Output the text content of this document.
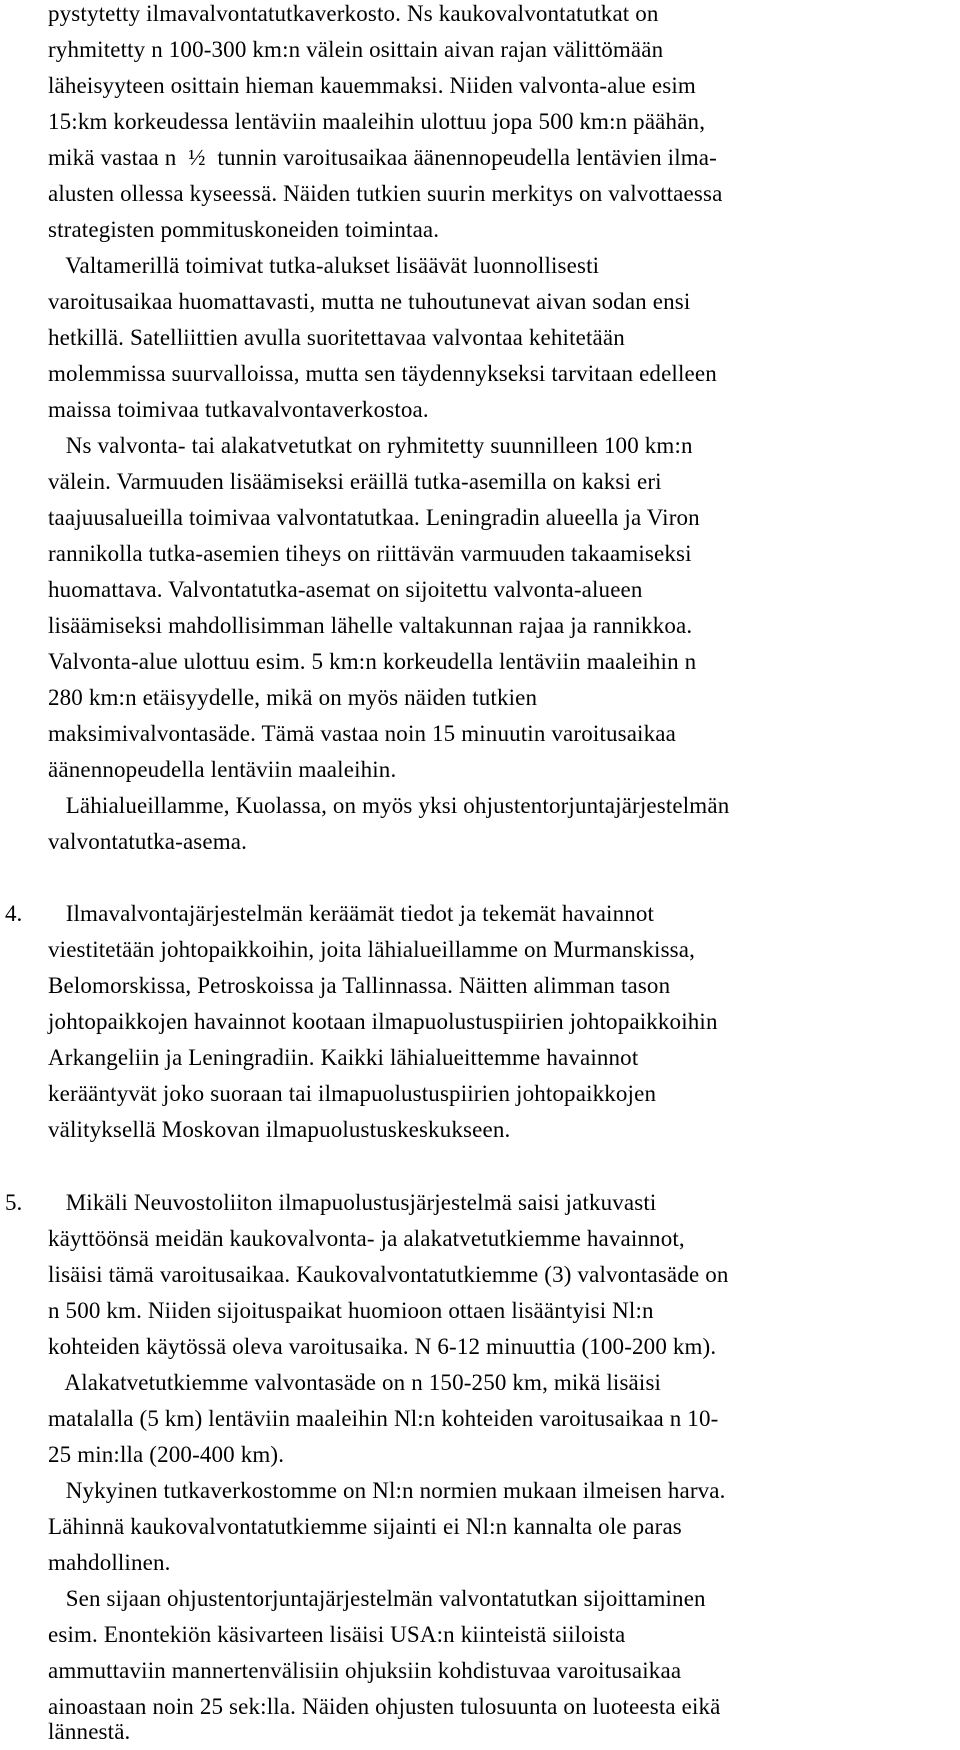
pystytetty ilmavalvontatutkaverkosto. Ns kaukovalvontatutkat on
ryhmitetty n 100-300 km:n välein osittain aivan rajan välittömään
läheisyyteen osittain hieman kauemmaksi. Niiden valvonta-alue esim
15:km korkeudessa lentäviin maaleihin ulottuu jopa 500 km:n päähän,
mikä vastaa n  ½  tunnin varoitusaikaa äänennopeudella lentävien ilma-
alusten ollessa kyseessä. Näiden tutkien suurin merkitys on valvottaessa
strategisten pommituskoneiden toimintaa.
Valtamerillä toimivat tutka-alukset lisäävät luonnollisesti
varoitusaikaa huomattavasti, mutta ne tuhoutunevat aivan sodan ensi
hetkillä. Satelliittien avulla suoritettavaa valvontaa kehitetään
molemmissa suurvalloissa, mutta sen täydennykseksi tarvitaan edelleen
maissa toimivaa tutkavalvontaverkostoa.
Ns valvonta- tai alakatvetutkat on ryhmitetty suunnilleen 100 km:n
välein. Varmuuden lisäämiseksi eräillä tutka-asemilla on kaksi eri
taajuusalueilla toimivaa valvontatutkaa. Leningradin alueella ja Viron
rannikolla tutka-asemien tiheys on riittävän varmuuden takaamiseksi
huomattava. Valvontatutka-asemat on sijoitettu valvonta-alueen
lisäämiseksi mahdollisimman lähelle valtakunnan rajaa ja rannikkoa.
Valvonta-alue ulottuu esim. 5 km:n korkeudella lentäviin maaleihin n
280 km:n etäisyydelle, mikä on myös näiden tutkien
maksimivalvontasäde. Tämä vastaa noin 15 minuutin varoitusaikaa
äänennopeudella lentäviin maaleihin.
Lähialueillamme, Kuolassa, on myös yksi ohjustentorjuntajärjestelmän
valvontatutka-asema.
4. Ilmavalvontajärjestelmän keräämät tiedot ja tekemät havainnot
viestitetään johtopaikkoihin, joita lähialueillamme on Murmanskissa,
Belomorskissa, Petroskoissa ja Tallinnassa. Näitten alimman tason
johtopaikkojen havainnot kootaan ilmapuolustuspiirien johtopaikkoihin
Arkangeliin ja Leningradiin. Kaikki lähialueittemme havainnot
kerääntyvät joko suoraan tai ilmapuolustuspiirien johtopaikkojen
välityksellä Moskovan ilmapuolustuskeskukseen.
5. Mikäli Neuvostoliiton ilmapuolustusjärjestelmä saisi jatkuvasti
käyttöönsä meidän kaukovalvonta- ja alakatvetutkiemme havainnot,
lisäisi tämä varoitusaikaa. Kaukovalvontatutkiemme (3) valvontasäde on
n 500 km. Niiden sijoituspaikat huomioon ottaen lisääntyisi Nl:n
kohteiden käytössä oleva varoitusaika. N 6-12 minuuttia (100-200 km).
Alakatvetutkiemme valvontasäde on n 150-250 km, mikä lisäisi
matalalla (5 km) lentäviin maaleihin Nl:n kohteiden varoitusaikaa n 10-
25 min:lla (200-400 km).
Nykyinen tutkaverkostomme on Nl:n normien mukaan ilmeisen harva.
Lähinnä kaukovalvontatutkiemme sijainti ei Nl:n kannalta ole paras
mahdollinen.
Sen sijaan ohjustentorjuntajärjestelmän valvontatutkan sijoittaminen
esim. Enontekiön käsivarteen lisäisi USA:n kiinteistä siiloista
ammuttaviin mannertenvälisiin ohjuksiin kohdistuvaa varoitusaikaa
ainoastaan noin 25 sek:lla. Näiden ohjusten tulosuunta on luoteesta eikä
lännestä.
